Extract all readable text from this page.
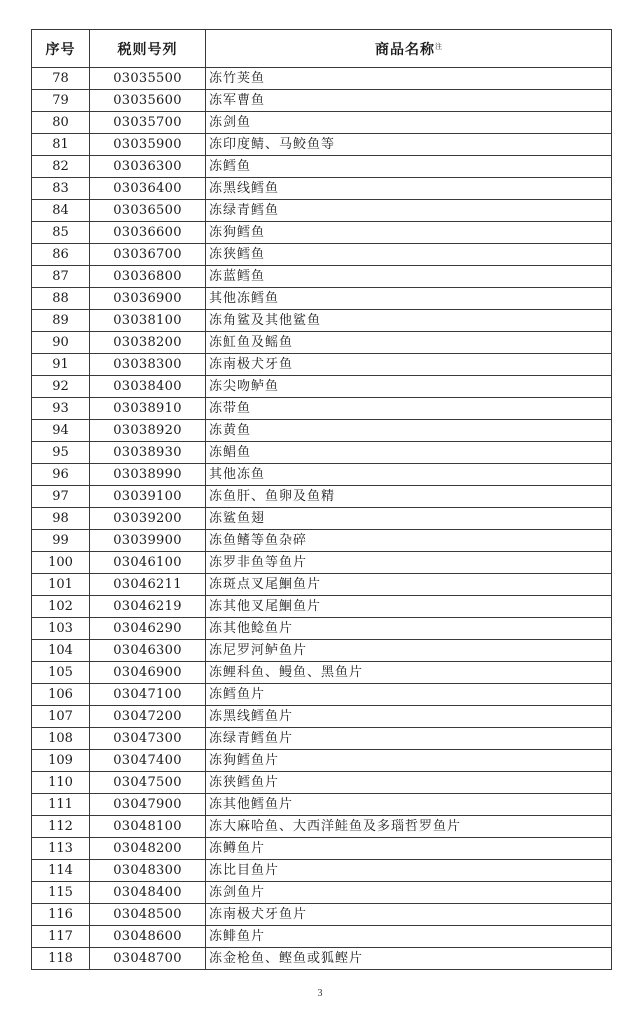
序号	税则号列	商品名称$^注$
78	03035500	冻竹荚鱼
79	03035600	冻军曹鱼
80	03035700	冻剑鱼
81	03035900	冻印度鲭、马鲛鱼等
82	03036300	冻鳕鱼
83	03036400	冻黑线鳕鱼
84	03036500	冻绿青鳕鱼
85	03036600	冻狗鳕鱼
86	03036700	冻狭鳕鱼
87	03036800	冻蓝鳕鱼
88	03036900	其他冻鳕鱼
89	03038100	冻角鲨及其他鲨鱼
90	03038200	冻魟鱼及鳐鱼
91	03038300	冻南极犬牙鱼
92	03038400	冻尖吻鲈鱼
93	03038910	冻带鱼
94	03038920	冻黄鱼
95	03038930	冻鲳鱼
96	03038990	其他冻鱼
97	03039100	冻鱼肝、鱼卵及鱼精
98	03039200	冻鲨鱼翅
99	03039900	冻鱼鳍等鱼杂碎
100	03046100	冻罗非鱼等鱼片
101	03046211	冻斑点叉尾鮰鱼片
102	03046219	冻其他叉尾鮰鱼片
103	03046290	冻其他鲶鱼片
104	03046300	冻尼罗河鲈鱼片
105	03046900	冻鲤科鱼、鳗鱼、黑鱼片
106	03047100	冻鳕鱼片
107	03047200	冻黑线鳕鱼片
108	03047300	冻绿青鳕鱼片
109	03047400	冻狗鳕鱼片
110	03047500	冻狭鳕鱼片
111	03047900	冻其他鳕鱼片
112	03048100	冻大麻哈鱼、大西洋鲑鱼及多瑙哲罗鱼片
113	03048200	冻鳟鱼片
114	03048300	冻比目鱼片
115	03048400	冻剑鱼片
116	03048500	冻南极犬牙鱼片
117	03048600	冻鲱鱼片
118	03048700	冻金枪鱼、鲣鱼或狐鲣片
3
